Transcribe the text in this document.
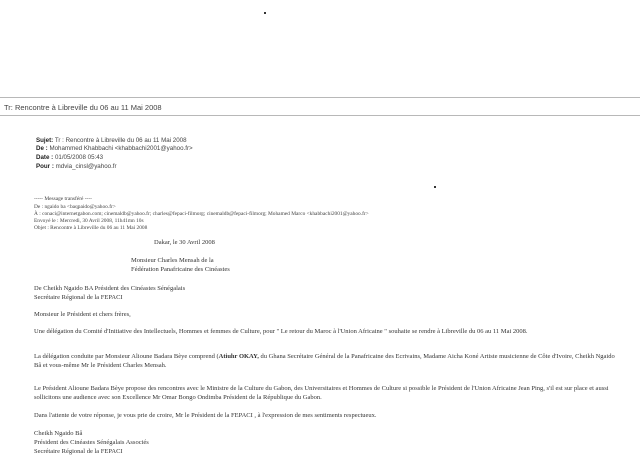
Tr: Rencontre à Libreville du 06 au 11 Mai 2008
Sujet: Tr : Rencontre à Libreville du 06 au 11 Mai 2008
De : Mohammed Khabbachi <khabbachi2001@yahoo.fr>
Date : 01/05/2008 05:43
Pour : mdvia_cinsl@yahoo.fr
----- Message transféré ----
De : ngaido ba <baqpaido@yahoo.fr>
À : conaci@internetgabon.com; cinemaldb@yahoo.fr; charles@fepaci-filmorg; cinemaldb@fepaci-filmorg; Mohamed Marco <khabbachi2001@yahoo.fr>
Envoyé le : Mercredi, 30 Avril 2008, 11h41mn 10s
Objet : Rencontre à Libreville du 06 au 11 Mai 2008
Dakar, le 30 Avril 2008
Monsieur Charles Mensah de la
Fédération Panafricaine des Cinéastes
De Cheikh Ngaido BA Président des Cinéastes Sénégalais
Secrétaire Régional de la FEPACI
Monsieur le Président et chers frères,
Une délégation du Comité d'Initiative des Intellectuels, Hommes et femmes de Culture, pour " Le retour du Maroc à l'Union Africaine " souhaite se rendre à Libreville du 06 au 11 Mai 2008.
La délégation conduite par Monsieur Alioune Badara Bèye comprend (Atiuhr OKAY, du Ghana Secrétaire Général de la Panafricaine des Ecrivains, Madame Aicha Koné Artiste musicienne de Côte d'Ivoire, Cheikh Ngaido Bâ et vous-même Mr le Président Charles Mensah.
Le Président Alioune Badara Bèye propose des rencontres avec le Ministre de la Culture du Gabon, des Universitaires et Hommes de Culture si possible le Président de l'Union Africaine Jean Ping, s'il est sur place et aussi sollicitons une audience avec son Excellence Mr Omar Bongo Ondimba Président de la République du Gabon.
Dans l'attente de votre réponse, je vous prie de croire, Mr le Président de la FEPACI , à l'expression de mes sentiments respectueux.
Cheikh Ngaido Bâ
Président des Cinéastes Sénégalais Associés
Secrétaire Régional de la FEPACI
